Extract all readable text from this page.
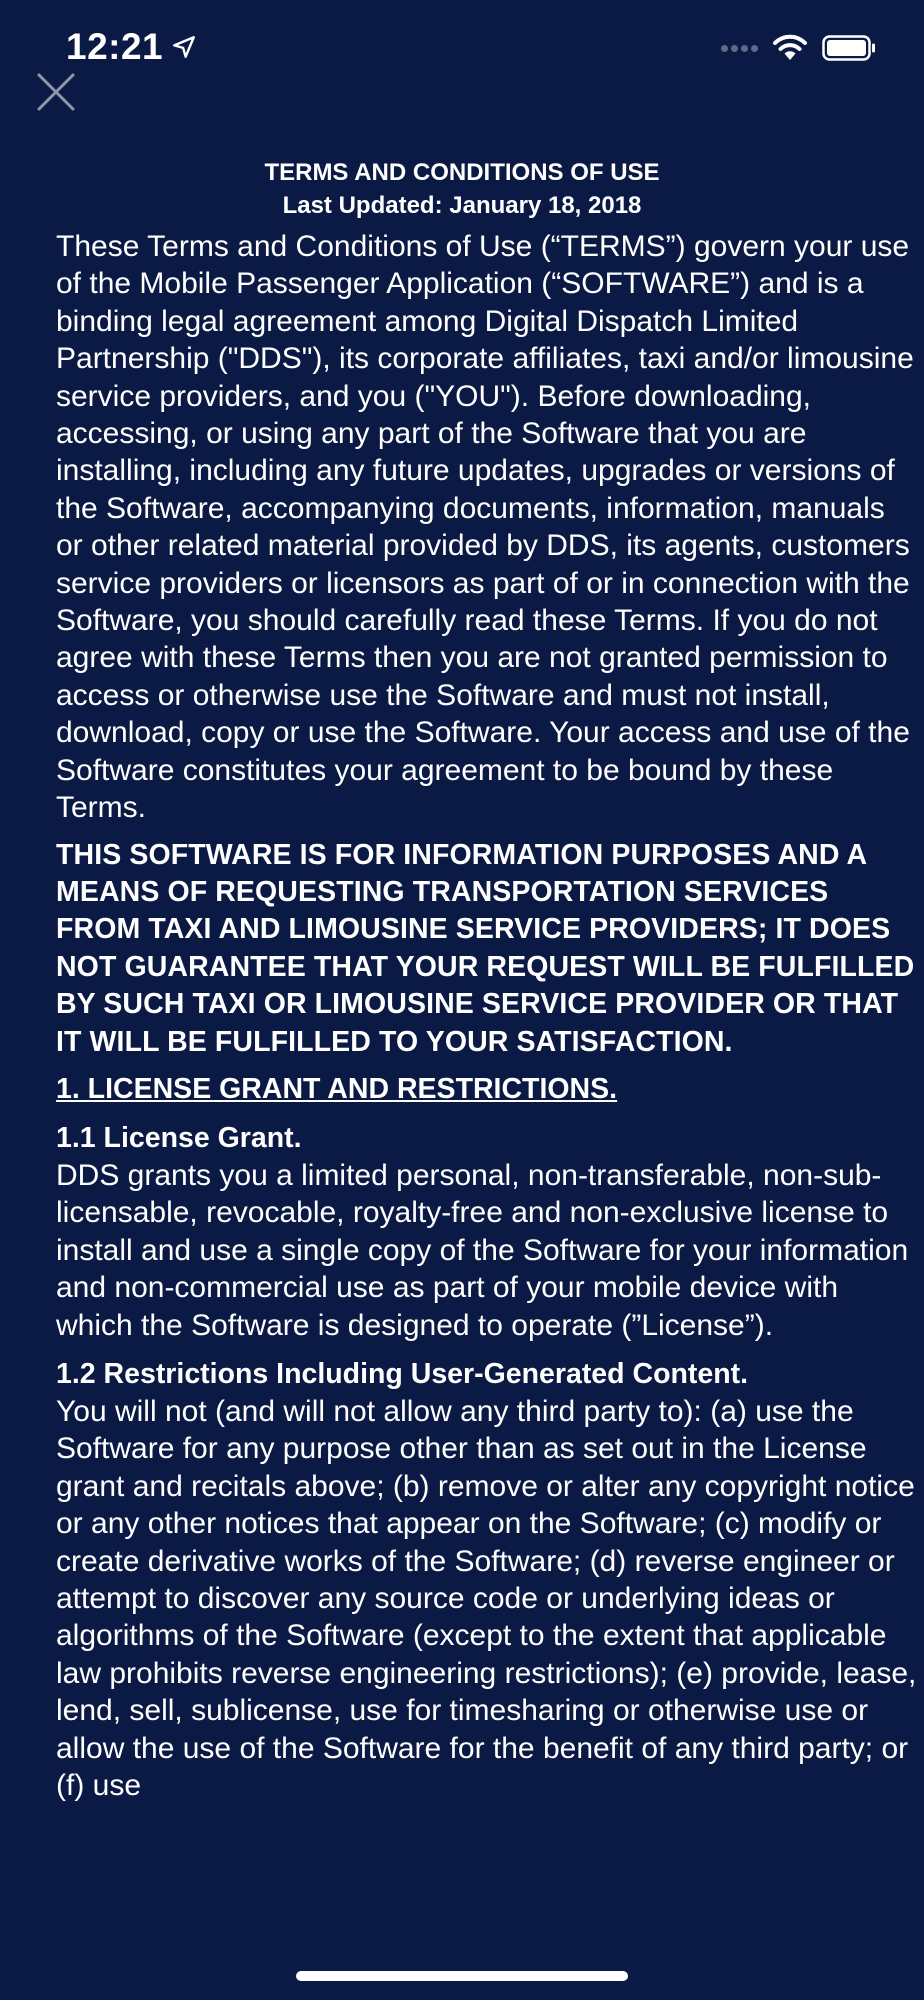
12:21
TERMS AND CONDITIONS OF USE
Last Updated: January 18, 2018

These Terms and Conditions of Use (“TERMS”) govern your use of the Mobile Passenger Application (“SOFTWARE”) and is a binding legal agreement among Digital Dispatch Limited Partnership ("DDS"), its corporate affiliates, taxi and/or limousine service providers, and you ("YOU"). Before downloading, accessing, or using any part of the Software that you are installing, including any future updates, upgrades or versions of the Software, accompanying documents, information, manuals or other related material provided by DDS, its agents, customers service providers or licensors as part of or in connection with the Software, you should carefully read these Terms. If you do not agree with these Terms then you are not granted permission to access or otherwise use the Software and must not install, download, copy or use the Software. Your access and use of the Software constitutes your agreement to be bound by these Terms.

THIS SOFTWARE IS FOR INFORMATION PURPOSES AND A MEANS OF REQUESTING TRANSPORTATION SERVICES FROM TAXI AND LIMOUSINE SERVICE PROVIDERS; IT DOES NOT GUARANTEE THAT YOUR REQUEST WILL BE FULFILLED BY SUCH TAXI OR LIMOUSINE SERVICE PROVIDER OR THAT IT WILL BE FULFILLED TO YOUR SATISFACTION.
1. LICENSE GRANT AND RESTRICTIONS.
1.1 License Grant.

DDS grants you a limited personal, non-transferable, non-sub- licensable, revocable, royalty-free and non-exclusive license to install and use a single copy of the Software for your information and non-commercial use as part of your mobile device with which the Software is designed to operate (”License”).

1.2 Restrictions Including User-Generated Content.

You will not (and will not allow any third party to): (a) use the Software for any purpose other than as set out in the License grant and recitals above; (b) remove or alter any copyright notice or any other notices that appear on the Software; (c) modify or create derivative works of the Software; (d) reverse engineer or attempt to discover any source code or underlying ideas or algorithms of the Software (except to the extent that applicable law prohibits reverse engineering restrictions); (e) provide, lease, lend, sell, sublicense, use for timesharing or otherwise use or allow the use of the Software for the benefit of any third party; or (f) use
